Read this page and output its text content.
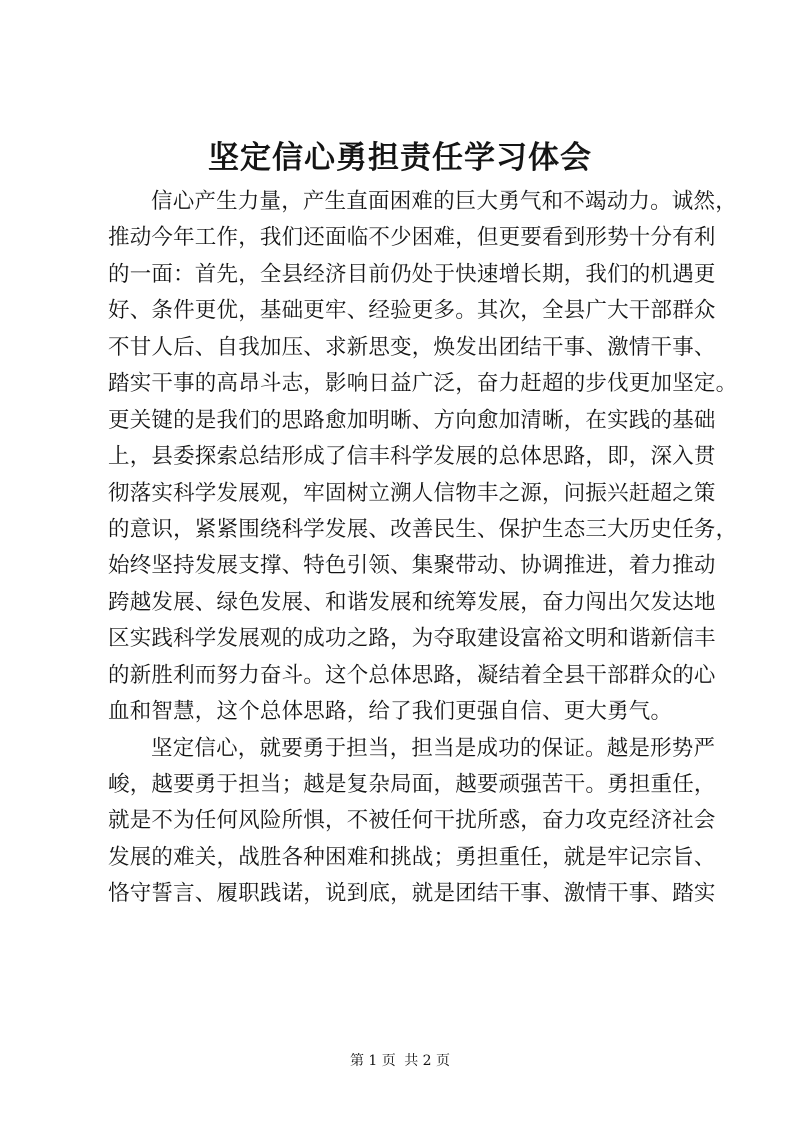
坚定信心勇担责任学习体会
信心产生力量，产生直面困难的巨大勇气和不竭动力。诚然，
推动今年工作，我们还面临不少困难，但更要看到形势十分有利
的一面：首先，全县经济目前仍处于快速增长期，我们的机遇更
好、条件更优，基础更牢、经验更多。其次，全县广大干部群众
不甘人后、自我加压、求新思变，焕发出团结干事、激情干事、
踏实干事的高昂斗志，影响日益广泛，奋力赶超的步伐更加坚定。
更关键的是我们的思路愈加明晰、方向愈加清晰，在实践的基础
上，县委探索总结形成了信丰科学发展的总体思路，即，深入贯
彻落实科学发展观，牢固树立溯人信物丰之源，问振兴赶超之策
的意识，紧紧围绕科学发展、改善民生、保护生态三大历史任务，
始终坚持发展支撑、特色引领、集聚带动、协调推进，着力推动
跨越发展、绿色发展、和谐发展和统筹发展，奋力闯出欠发达地
区实践科学发展观的成功之路，为夺取建设富裕文明和谐新信丰
的新胜利而努力奋斗。这个总体思路，凝结着全县干部群众的心
血和智慧，这个总体思路，给了我们更强自信、更大勇气。
坚定信心，就要勇于担当，担当是成功的保证。越是形势严
峻，越要勇于担当；越是复杂局面，越要顽强苦干。勇担重任，
就是不为任何风险所惧，不被任何干扰所惑，奋力攻克经济社会
发展的难关，战胜各种困难和挑战；勇担重任，就是牢记宗旨、
恪守誓言、履职践诺，说到底，就是团结干事、激情干事、踏实
第 1 页 共 2 页
